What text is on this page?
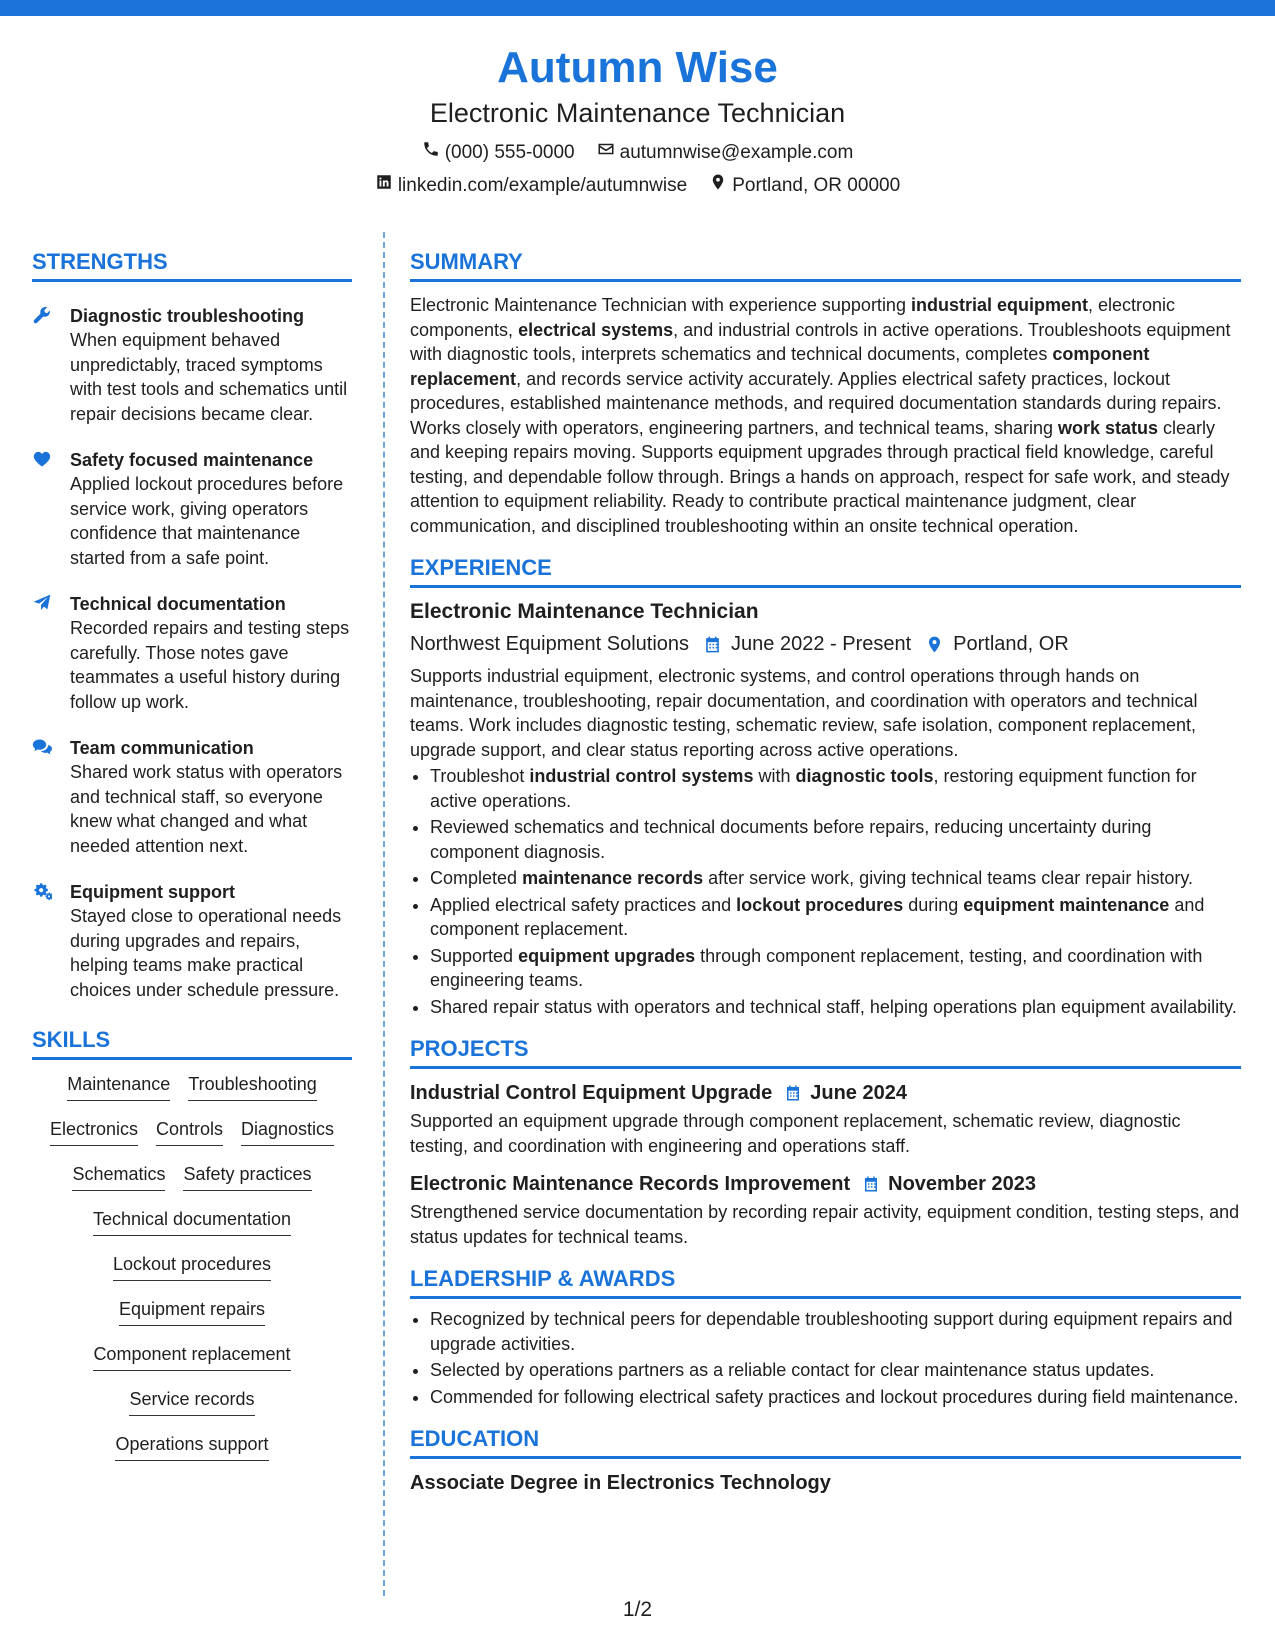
Autumn Wise
Electronic Maintenance Technician
(000) 555-0000 autumnwise@example.com
linkedin.com/example/autumnwise Portland, OR 00000
STRENGTHS
Diagnostic troubleshooting
When equipment behaved unpredictably, traced symptoms with test tools and schematics until repair decisions became clear.
Safety focused maintenance
Applied lockout procedures before service work, giving operators confidence that maintenance started from a safe point.
Technical documentation
Recorded repairs and testing steps carefully. Those notes gave teammates a useful history during follow up work.
Team communication
Shared work status with operators and technical staff, so everyone knew what changed and what needed attention next.
Equipment support
Stayed close to operational needs during upgrades and repairs, helping teams make practical choices under schedule pressure.
SKILLS
Maintenance Troubleshooting
Electronics Controls Diagnostics
Schematics Safety practices
Technical documentation
Lockout procedures
Equipment repairs
Component replacement
Service records
Operations support
SUMMARY
Electronic Maintenance Technician with experience supporting industrial equipment, electronic components, electrical systems, and industrial controls in active operations. Troubleshoots equipment with diagnostic tools, interprets schematics and technical documents, completes component replacement, and records service activity accurately. Applies electrical safety practices, lockout procedures, established maintenance methods, and required documentation standards during repairs. Works closely with operators, engineering partners, and technical teams, sharing work status clearly and keeping repairs moving. Supports equipment upgrades through practical field knowledge, careful testing, and dependable follow through. Brings a hands on approach, respect for safe work, and steady attention to equipment reliability. Ready to contribute practical maintenance judgment, clear communication, and disciplined troubleshooting within an onsite technical operation.
EXPERIENCE
Electronic Maintenance Technician
Northwest Equipment Solutions June 2022 - Present Portland, OR
Supports industrial equipment, electronic systems, and control operations through hands on maintenance, troubleshooting, repair documentation, and coordination with operators and technical teams. Work includes diagnostic testing, schematic review, safe isolation, component replacement, upgrade support, and clear status reporting across active operations.
• Troubleshot industrial control systems with diagnostic tools, restoring equipment function for active operations.
• Reviewed schematics and technical documents before repairs, reducing uncertainty during component diagnosis.
• Completed maintenance records after service work, giving technical teams clear repair history.
• Applied electrical safety practices and lockout procedures during equipment maintenance and component replacement.
• Supported equipment upgrades through component replacement, testing, and coordination with engineering teams.
• Shared repair status with operators and technical staff, helping operations plan equipment availability.
PROJECTS
Industrial Control Equipment Upgrade June 2024
Supported an equipment upgrade through component replacement, schematic review, diagnostic testing, and coordination with engineering and operations staff.
Electronic Maintenance Records Improvement November 2023
Strengthened service documentation by recording repair activity, equipment condition, testing steps, and status updates for technical teams.
LEADERSHIP & AWARDS
• Recognized by technical peers for dependable troubleshooting support during equipment repairs and upgrade activities.
• Selected by operations partners as a reliable contact for clear maintenance status updates.
• Commended for following electrical safety practices and lockout procedures during field maintenance.
EDUCATION
Associate Degree in Electronics Technology
1/2
